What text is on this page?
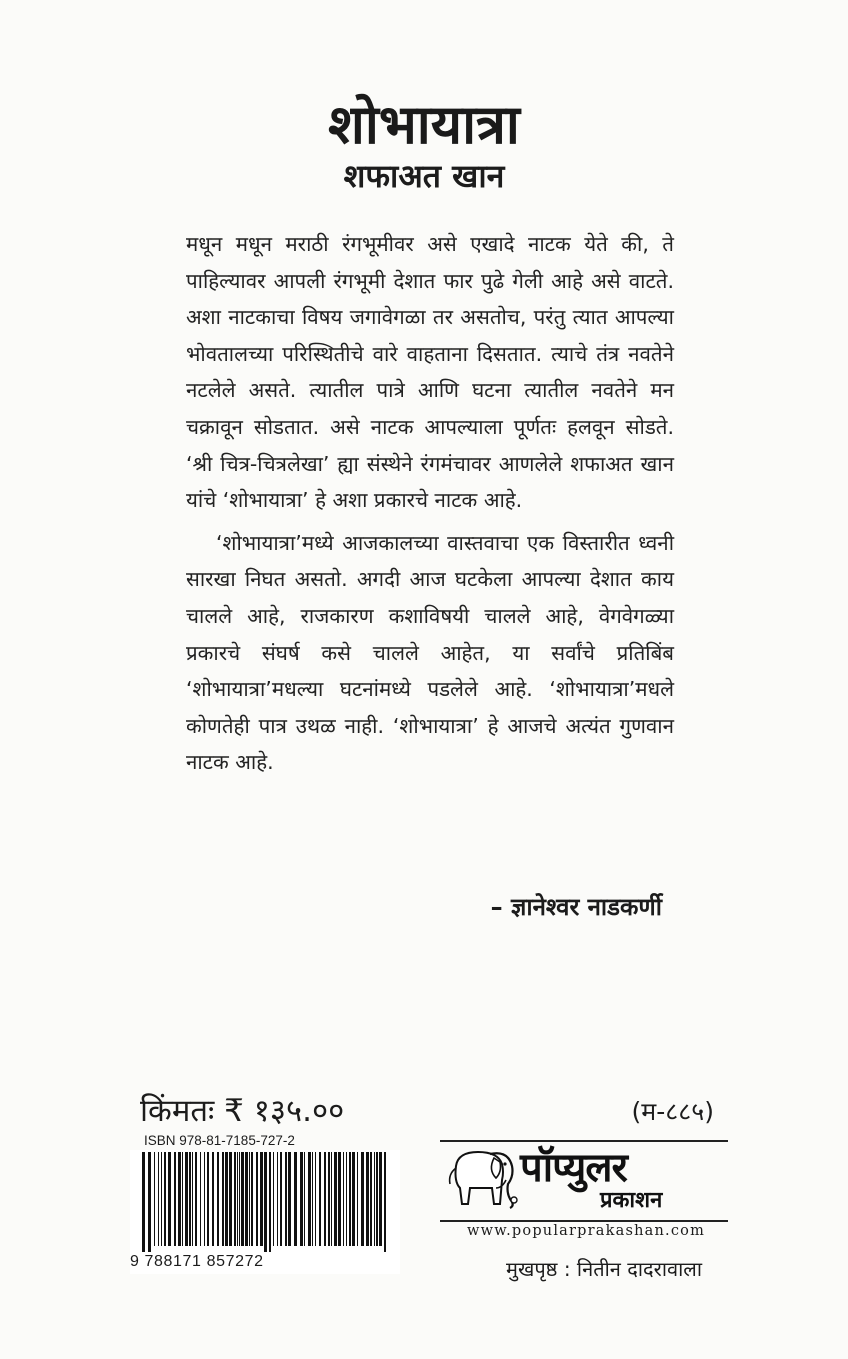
शोभायात्रा
शफाअत खान

मधून मधून मराठी रंगभूमीवर असे एखादे नाटक येते की, ते पाहिल्यावर आपली रंगभूमी देशात फार पुढे गेली आहे असे वाटते. अशा नाटकाचा विषय जगावेगळा तर असतोच, परंतु त्यात आपल्या भोवतालच्या परिस्थितीचे वारे वाहताना दिसतात. त्याचे तंत्र नवतेने नटलेले असते. त्यातील पात्रे आणि घटना त्यातील नवतेने मन चक्रावून सोडतात. असे नाटक आपल्याला पूर्णतः हलवून सोडते. ‘श्री चित्र-चित्रलेखा’ ह्या संस्थेने रंगमंचावर आणलेले शफाअत खान यांचे ‘शोभायात्रा’ हे अशा प्रकारचे नाटक आहे.

‘शोभायात्रा’मध्ये आजकालच्या वास्तवाचा एक विस्तारीत ध्वनी सारखा निघत असतो. अगदी आज घटकेला आपल्या देशात काय चालले आहे, राजकारण कशाविषयी चालले आहे, वेगवेगळ्या प्रकारचे संघर्ष कसे चालले आहेत, या सर्वांचे प्रतिबिंब ‘शोभायात्रा’मधल्या घटनांमध्ये पडलेले आहे. ‘शोभायात्रा’मधले कोणतेही पात्र उथळ नाही. ‘शोभायात्रा’ हे आजचे अत्यंत गुणवान नाटक आहे.

– ज्ञानेश्वर नाडकर्णी
किंमतः ₹ १३५.००	(म-८८५)
ISBN 978-81-7185-727-2
9 788171 857272
पॉप्युलर
प्रकाशन
www.popularprakashan.com
मुखपृष्ठ : नितीन दादरावाला
